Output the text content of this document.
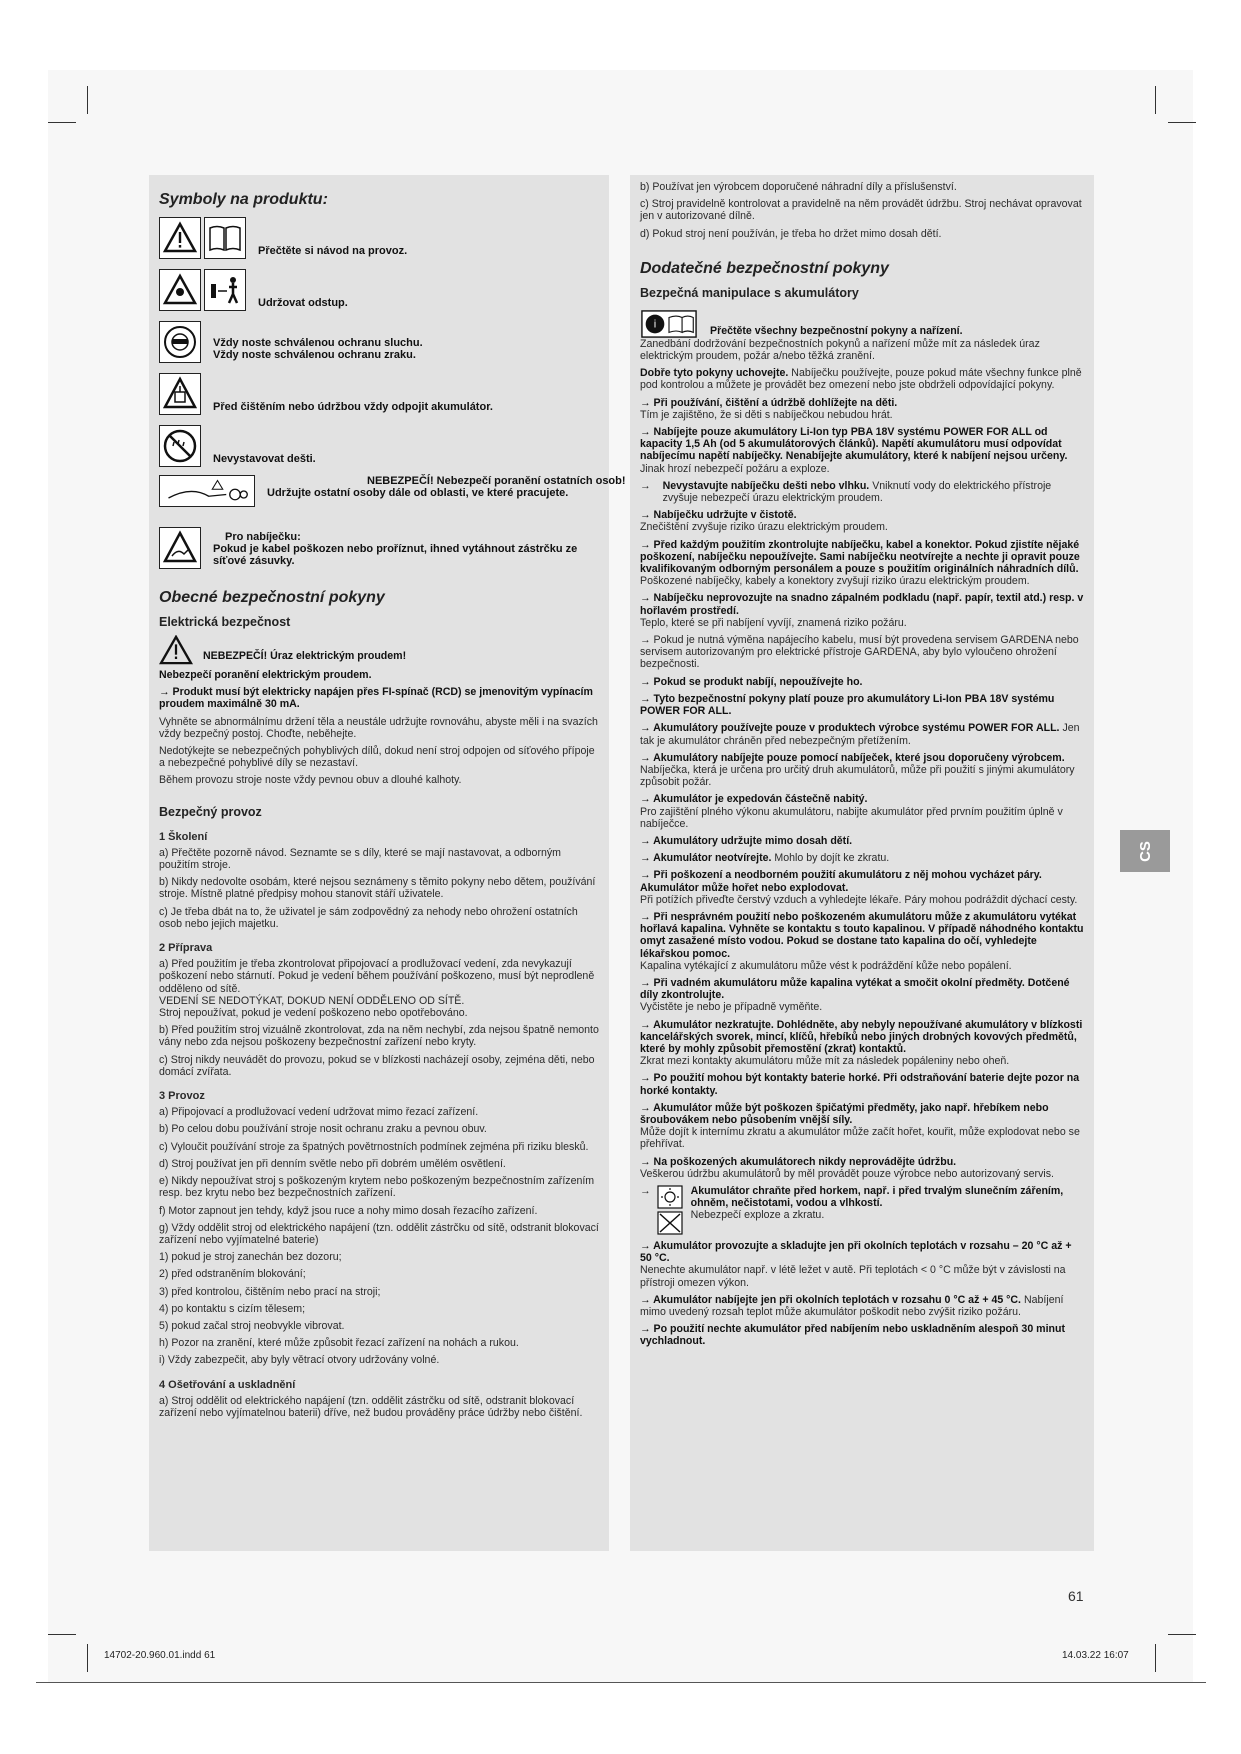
Symboly na produktu:
Přečtěte si návod na provoz.
Udržovat odstup.
Vždy noste schválenou ochranu sluchu.
Vždy noste schválenou ochranu zraku.
Před čištěním nebo údržbou vždy odpojit akumulátor.
Nevystavovat dešti.
NEBEZPEČÍ! Nebezpečí poranění ostatních osob!
Udržujte ostatní osoby dále od oblasti, ve které pracujete.
Pro nabíječku:
Pokud je kabel poškozen nebo proříznut, ihned vytáhnout zástrčku ze síťové zásuvky.
Obecné bezpečnostní pokyny
Elektrická bezpečnost
NEBEZPEČÍ! Úraz elektrickým proudem!

Nebezpečí poranění elektrickým proudem.

→ Produkt musí být elektricky napájen přes FI-spínač (RCD) se jmenovitým vypínacím proudem maximálně 30 mA.

Vyhněte se abnormálnímu držení těla a neustále udržujte rovnováhu, abyste měli i na svazích vždy bezpečný postoj. Choďte, neběhejte.

Nedotýkejte se nebezpečných pohyblivých dílů, dokud není stroj odpojen od síťového přípoje a nebezpečné pohyblivé díly se nezastaví.

Během provozu stroje noste vždy pevnou obuv a dlouhé kalhoty.

Bezpečný provoz
1 Školení

a) Přečtěte pozorně návod. Seznamte se s díly, které se mají nastavovat, a odborným použitím stroje.

b) Nikdy nedovolte osobám, které nejsou seznámeny s těmito pokyny nebo dětem, používání stroje. Místně platné předpisy mohou stanovit stáří uživatele.

c) Je třeba dbát na to, že uživatel je sám zodpovědný za nehody nebo ohrožení ostatních osob nebo jejich majetku.

2 Příprava

a) Před použitím je třeba zkontrolovat připojovací a prodlužovací vedení, zda nevykazují poškození nebo stárnutí. Pokud je vedení během používání poškozeno, musí být neprodleně odděleno od sítě.
VEDENÍ SE NEDOTÝKAT, DOKUD NENÍ ODDĚLENO OD SÍTĚ.
Stroj nepoužívat, pokud je vedení poškozeno nebo opotřebováno.

b) Před použitím stroj vizuálně zkontrolovat, zda na něm nechybí, zda nejsou špatně nemonto vány nebo zda nejsou poškozeny bezpečnostní zařízení nebo kryty.

c) Stroj nikdy neuvádět do provozu, pokud se v blízkosti nacházejí osoby, zejména děti, nebo domácí zvířata.

3 Provoz

a) Připojovací a prodlužovací vedení udržovat mimo řezací zařízení.

b) Po celou dobu používání stroje nosit ochranu zraku a pevnou obuv.

c) Vyloučit používání stroje za špatných povětrnostních podmínek zejména při riziku blesků.

d) Stroj používat jen při denním světle nebo při dobrém umělém osvětlení.

e) Nikdy nepoužívat stroj s poškozeným krytem nebo poškozeným bezpečnostním zařízením resp. bez krytu nebo bez bezpečnostních zařízení.

f) Motor zapnout jen tehdy, když jsou ruce a nohy mimo dosah řezacího zařízení.

g) Vždy oddělit stroj od elektrického napájení (tzn. oddělit zástrčku od sítě, odstranit blokovací zařízení nebo vyjímatelné baterie)

1) pokud je stroj zanechán bez dozoru;

2) před odstraněním blokování;

3) před kontrolou, čištěním nebo prací na stroji;

4) po kontaktu s cizím tělesem;

5) pokud začal stroj neobvykle vibrovat.

h) Pozor na zranění, které může způsobit řezací zařízení na nohách a rukou.

i) Vždy zabezpečit, aby byly větrací otvory udržovány volné.

4 Ošetřování a uskladnění

a) Stroj oddělit od elektrického napájení (tzn. oddělit zástrčku od sítě, odstranit blokovací zařízení nebo vyjímatelnou baterii) dříve, než budou prováděny práce údržby nebo čištění.

b) Používat jen výrobcem doporučené náhradní díly a příslušenství.

c) Stroj pravidelně kontrolovat a pravidelně na něm provádět údržbu. Stroj nechávat opravovat jen v autorizované dílně.

d) Pokud stroj není používán, je třeba ho držet mimo dosah dětí.

Dodatečné bezpečnostní pokyny
Bezpečná manipulace s akumulátory
i
Přečtěte všechny bezpečnostní pokyny a nařízení.

Zanedbání dodržování bezpečnostních pokynů a nařízení může mít za následek úraz elektrickým proudem, požár a/nebo těžká zranění.

Dobře tyto pokyny uchovejte. Nabíječku používejte, pouze pokud máte všechny funkce plně pod kontrolou a můžete je provádět bez omezení nebo jste obdrželi odpovídající pokyny.

→ Při používání, čištění a údržbě dohlížejte na děti.
Tím je zajištěno, že si děti s nabíječkou nebudou hrát.

→ Nabíjejte pouze akumulátory Li-Ion typ PBA 18V systému POWER FOR ALL od kapacity 1,5 Ah (od 5 akumulátorových článků). Napětí akumulátoru musí odpovídat nabíjecímu napětí nabíječky. Nenabíjejte akumulátory, které k nabíjení nejsou určeny. Jinak hrozí nebezpečí požáru a exploze.

→ Nevystavujte nabíječku dešti nebo vlhku. Vniknutí vody do elektrického přístroje zvyšuje nebezpečí úrazu elektrickým proudem.

→ Nabíječku udržujte v čistotě.
Znečištění zvyšuje riziko úrazu elektrickým proudem.

→ Před každým použitím zkontrolujte nabíječku, kabel a konektor. Pokud zjistíte nějaké poškození, nabíječku nepoužívejte. Sami nabíječku neotvírejte a nechte ji opravit pouze kvalifikovaným odborným personálem a pouze s použitím originálních náhradních dílů.
Poškozené nabíječky, kabely a konektory zvyšují riziko úrazu elektrickým proudem.

→ Nabíječku neprovozujte na snadno zápalném podkladu (např. papír, textil atd.) resp. v hořlavém prostředí.
Teplo, které se při nabíjení vyvíjí, znamená riziko požáru.

→ Pokud je nutná výměna napájecího kabelu, musí být provedena servisem GARDENA nebo servisem autorizovaným pro elektrické přístroje GARDENA, aby bylo vyloučeno ohrožení bezpečnosti.

→ Pokud se produkt nabíjí, nepoužívejte ho.

→ Tyto bezpečnostní pokyny platí pouze pro akumulátory Li-Ion PBA 18V systému POWER FOR ALL.

→ Akumulátory používejte pouze v produktech výrobce systému POWER FOR ALL. Jen tak je akumulátor chráněn před nebezpečným přetížením.

→ Akumulátory nabíjejte pouze pomocí nabíječek, které jsou doporučeny výrobcem.
Nabíječka, která je určena pro určitý druh akumulátorů, může při použití s jinými akumulátory způsobit požár.

→ Akumulátor je expedován částečně nabitý.
Pro zajištění plného výkonu akumulátoru, nabijte akumulátor před prvním použitím úplně v nabíječce.

→ Akumulátory udržujte mimo dosah dětí.

→ Akumulátor neotvírejte. Mohlo by dojít ke zkratu.

→ Při poškození a neodborném použití akumulátoru z něj mohou vycházet páry. Akumulátor může hořet nebo explodovat.
Při potížích přiveďte čerstvý vzduch a vyhledejte lékaře. Páry mohou podráždit dýchací cesty.

→ Při nesprávném použití nebo poškozeném akumulátoru může z akumulátoru vytékat hořlavá kapalina. Vyhněte se kontaktu s touto kapalinou. V případě náhodného kontaktu omyt zasažené místo vodou. Pokud se dostane tato kapalina do očí, vyhledejte lékařskou pomoc.
Kapalina vytékající z akumulátoru může vést k podráždění kůže nebo popálení.

→ Při vadném akumulátoru může kapalina vytékat a smočit okolní předměty. Dotčené díly zkontrolujte.
Vyčistěte je nebo je případně vyměňte.

→ Akumulátor nezkratujte. Dohlédněte, aby nebyly nepoužívané akumulátory v blízkosti kancelářských svorek, mincí, klíčů, hřebíků nebo jiných drobných kovových předmětů, které by mohly způsobit přemostění (zkrat) kontaktů.
Zkrat mezi kontakty akumulátoru může mít za následek popáleniny nebo oheň.

→ Po použití mohou být kontakty baterie horké. Při odstraňování baterie dejte pozor na horké kontakty.

→ Akumulátor může být poškozen špičatými předměty, jako např. hřebíkem nebo šroubovákem nebo působením vnější síly.
Může dojít k internímu zkratu a akumulátor může začít hořet, kouřit, může explodovat nebo se přehřívat.

→ Na poškozených akumulátorech nikdy neprovádějte údržbu.
Veškerou údržbu akumulátorů by měl provádět pouze výrobce nebo autorizovaný servis.

→	Akumulátor chraňte před horkem, např. i před trvalým slunečním zářením, ohněm, nečistotami, vodou a vlhkostí.
Nebezpečí exploze a zkratu.

→ Akumulátor provozujte a skladujte jen při okolních teplotách v rozsahu – 20 °C až + 50 °C.
Nenechte akumulátor např. v létě ležet v autě. Při teplotách < 0 °C může být v závislosti na přístroji omezen výkon.

→ Akumulátor nabíjejte jen při okolních teplotách v rozsahu 0 °C až + 45 °C. Nabíjení mimo uvedený rozsah teplot může akumulátor poškodit nebo zvýšit riziko požáru.

→ Po použití nechte akumulátor před nabíjením nebo uskladněním alespoň 30 minut vychladnout.

CS
61
14702-20.960.01.indd 61	14.03.22 16:07
